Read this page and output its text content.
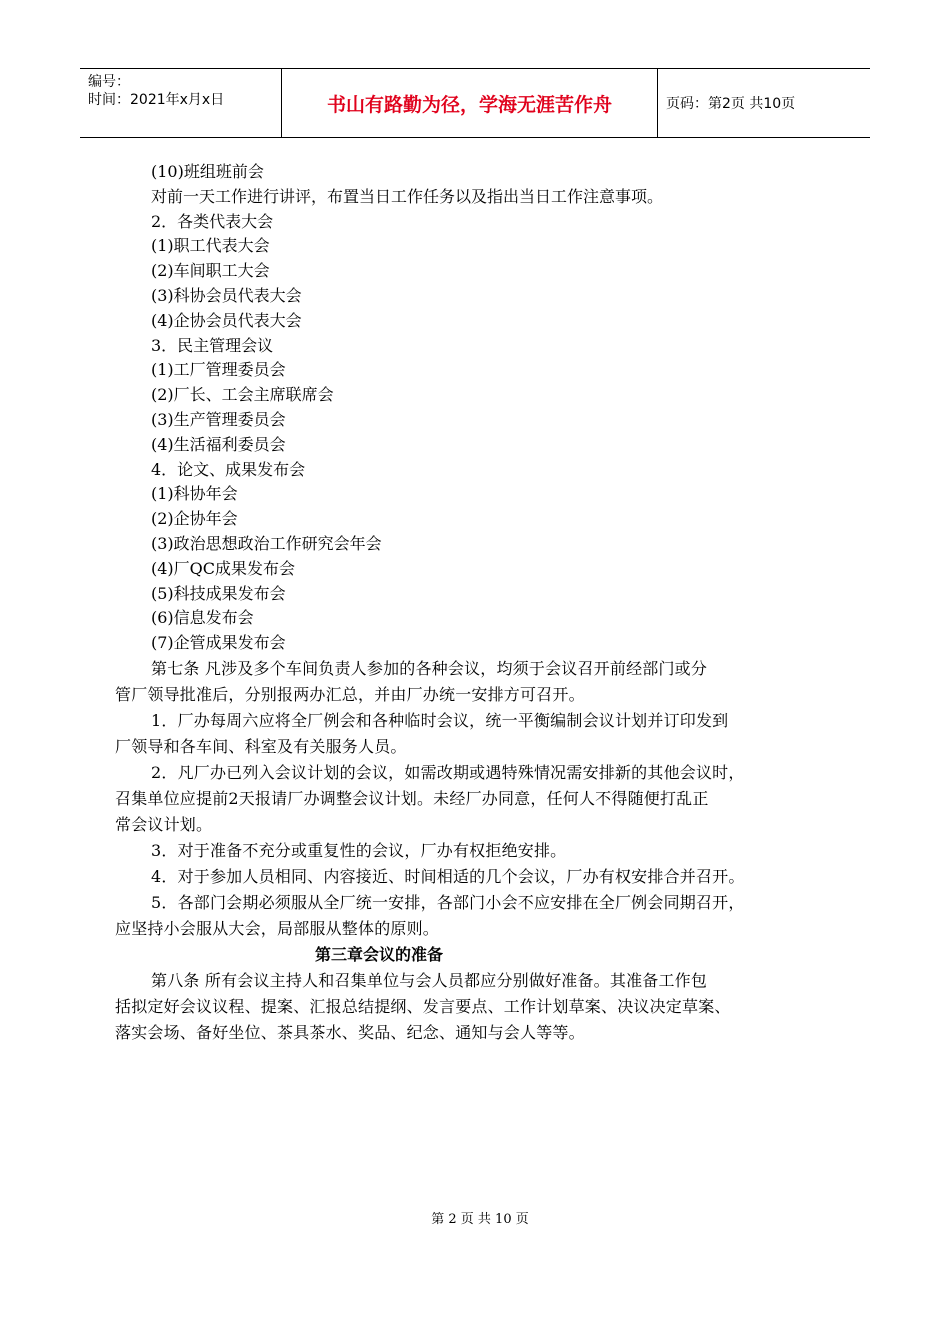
编号：
时间：2021年x月x日	书山有路勤为径，学海无涯苦作舟	页码：第2页 共10页
(10)班组班前会
对前一天工作进行讲评，布置当日工作任务以及指出当日工作注意事项。
2．各类代表大会
(1)职工代表大会
(2)车间职工大会
(3)科协会员代表大会
(4)企协会员代表大会
3．民主管理会议
(1)工厂管理委员会
(2)厂长、工会主席联席会
(3)生产管理委员会
(4)生活福利委员会
4．论文、成果发布会
(1)科协年会
(2)企协年会
(3)政治思想政治工作研究会年会
(4)厂QC成果发布会
(5)科技成果发布会
(6)信息发布会
(7)企管成果发布会
第七条 凡涉及多个车间负责人参加的各种会议，均须于会议召开前经部门或分
管厂领导批准后，分别报两办汇总，并由厂办统一安排方可召开。
1．厂办每周六应将全厂例会和各种临时会议，统一平衡编制会议计划并订印发到
厂领导和各车间、科室及有关服务人员。
2．凡厂办已列入会议计划的会议，如需改期或遇特殊情况需安排新的其他会议时，
召集单位应提前2天报请厂办调整会议计划。未经厂办同意，任何人不得随便打乱正
常会议计划。
3．对于准备不充分或重复性的会议，厂办有权拒绝安排。
4．对于参加人员相同、内容接近、时间相适的几个会议，厂办有权安排合并召开。
5．各部门会期必须服从全厂统一安排，各部门小会不应安排在全厂例会同期召开，
应坚持小会服从大会，局部服从整体的原则。
第三章会议的准备
第八条 所有会议主持人和召集单位与会人员都应分别做好准备。其准备工作包
括拟定好会议议程、提案、汇报总结提纲、发言要点、工作计划草案、决议决定草案、
落实会场、备好坐位、茶具茶水、奖品、纪念、通知与会人等等。
第 2 页 共 10 页
